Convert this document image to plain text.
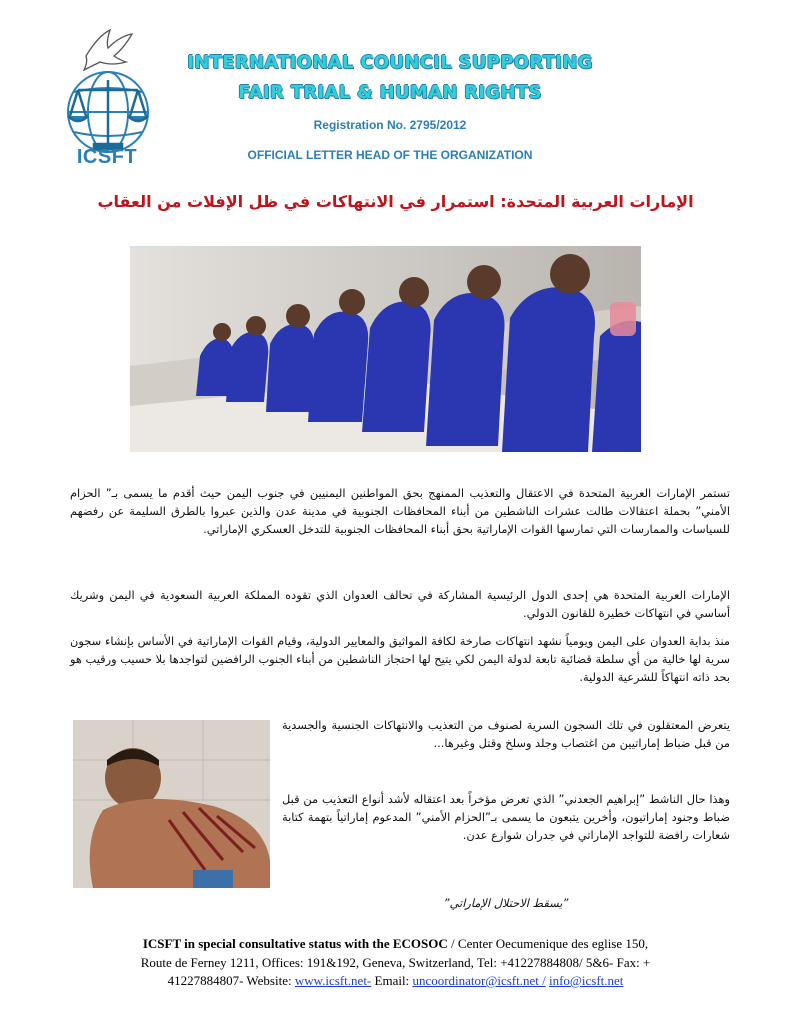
ICSFT
INTERNATIONAL COUNCIL SUPPORTING
FAIR TRIAL & HUMAN RIGHTS
Registration No. 2795/2012
OFFICIAL LETTER HEAD OF THE ORGANIZATION
الإمارات العربية المتحدة: استمرار في الانتهاكات في ظل الإفلات من العقاب
تستمر الإمارات العربية المتحدة في الاعتقال والتعذيب الممنهج بحق المواطنين اليمنيين في جنوب اليمن حيث أقدم ما يسمى بـ” الحزام الأمني” بحملة اعتقالات طالت عشرات الناشطين من أبناء المحافظات الجنوبية في مدينة عدن والذين عبروا بالطرق السليمة عن رفضهم للسياسات والممارسات التي تمارسها القوات الإماراتية بحق أبناء المحافظات الجنوبية للتدخل العسكري الإماراتي.
الإمارات العربية المتحدة هي إحدى الدول الرئيسية المشاركة في تحالف العدوان الذي تقوده المملكة العربية السعودية في اليمن وشريك أساسي في انتهاكات خطيرة للقانون الدولي.
منذ بداية العدوان على اليمن ويومياً نشهد انتهاكات صارخة لكافة المواثيق والمعايير الدولية، وقيام القوات الإماراتية في الأساس بإنشاء سجون سرية لها خالية من أي سلطة قضائية تابعة لدولة اليمن لكي يتيح لها احتجاز الناشطين من أبناء الجنوب الرافضين لتواجدها بلا حسيب ورقيب هو بحد ذاته انتهاكاً للشرعية الدولية.
يتعرض المعتقلون في تلك السجون السرية لصنوف من التعذيب والانتهاكات الجنسية والجسدية من قبل ضباط إماراتيين من اغتصاب وجلد وسلخ وقتل وغيرها...
وهذا حال الناشط ”إبراهيم الجعدني” الذي تعرض مؤخراً بعد اعتقاله لأشد أنواع التعذيب من قبل ضباط وجنود إماراتيون، وأخرين يتبعون ما يسمى بـ”الحزام الأمني” المدعوم إماراتياً بتهمة كتابة شعارات رافضة للتواجد الإماراتي في جدران شوارع عدن.
”يسقط الاحتلال الإماراتي”
ICSFT in special consultative status with the ECOSOC / Center Oecumenique des eglise 150,
Route de Ferney 1211, Offices: 191&192, Geneva, Switzerland, Tel: +41227884808/ 5&6- Fax: +
41227884807- Website: www.icsft.net- Email: uncoordinator@icsft.net / info@icsft.net
